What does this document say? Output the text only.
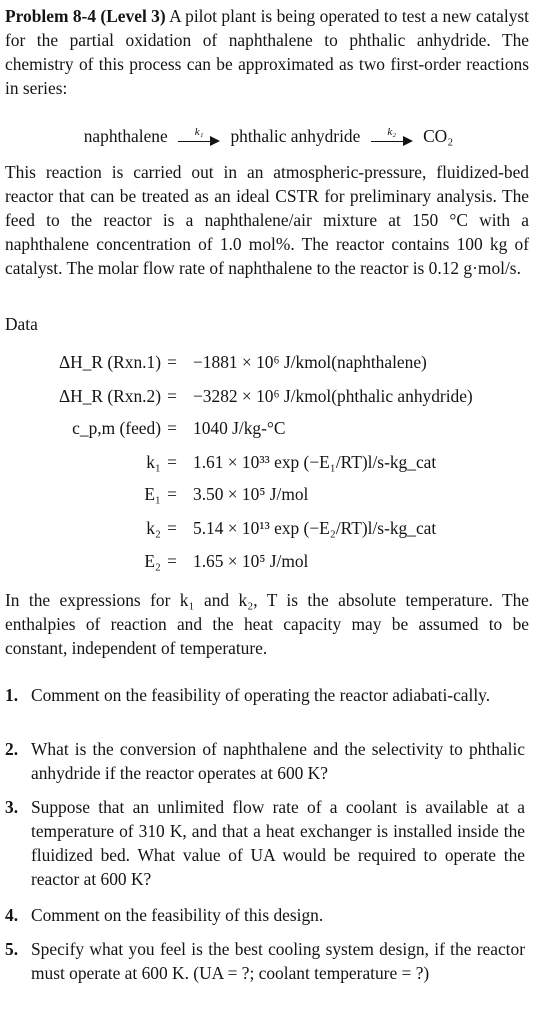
Problem 8-4 (Level 3) A pilot plant is being operated to test a new catalyst for the partial oxidation of naphthalene to phthalic anhydride. The chemistry of this process can be approximated as two first-order reactions in series:
naphthalene	k₁	phthalic anhydride	k₂	CO₂
This reaction is carried out in an atmospheric-pressure, fluidized-bed reactor that can be treated as an ideal CSTR for preliminary analysis. The feed to the reactor is a naphthalene/air mixture at 150 °C with a naphthalene concentration of 1.0 mol%. The reactor contains 100 kg of catalyst. The molar flow rate of naphthalene to the reactor is 0.12 g·mol/s.
Data
ΔH_R (Rxn.1) = −1881 × 10⁶ J/kmol(naphthalene)
ΔH_R (Rxn.2) = −3282 × 10⁶ J/kmol(phthalic anhydride)
c_p,m (feed) = 1040 J/kg-°C
k₁ = 1.61 × 10³³ exp (−E₁/RT)l/s-kg_cat
E₁ = 3.50 × 10⁵ J/mol
k₂ = 5.14 × 10¹³ exp (−E₂/RT)l/s-kg_cat
E₂ = 1.65 × 10⁵ J/mol
In the expressions for k₁ and k₂, T is the absolute temperature. The enthalpies of reaction and the heat capacity may be assumed to be constant, independent of temperature.
1. Comment on the feasibility of operating the reactor adiabati-cally.
2. What is the conversion of naphthalene and the selectivity to phthalic anhydride if the reactor operates at 600 K?
3. Suppose that an unlimited flow rate of a coolant is available at a temperature of 310 K, and that a heat exchanger is installed inside the fluidized bed. What value of UA would be required to operate the reactor at 600 K?
4. Comment on the feasibility of this design.
5. Specify what you feel is the best cooling system design, if the reactor must operate at 600 K. (UA = ?; coolant temperature = ?)
